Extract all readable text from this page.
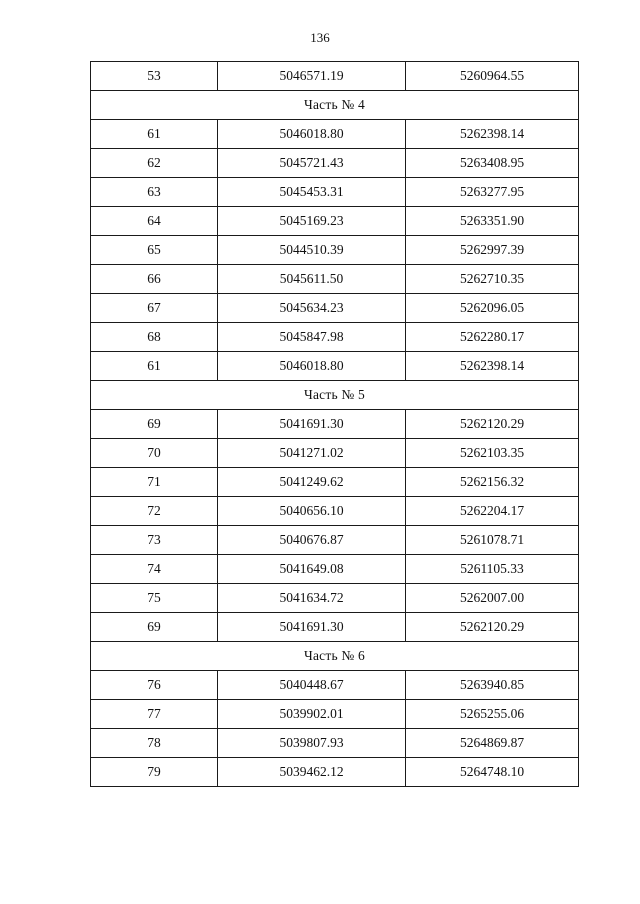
136
53	5046571.19	5260964.55
Часть № 4		
61	5046018.80	5262398.14
62	5045721.43	5263408.95
63	5045453.31	5263277.95
64	5045169.23	5263351.90
65	5044510.39	5262997.39
66	5045611.50	5262710.35
67	5045634.23	5262096.05
68	5045847.98	5262280.17
61	5046018.80	5262398.14
Часть № 5		
69	5041691.30	5262120.29
70	5041271.02	5262103.35
71	5041249.62	5262156.32
72	5040656.10	5262204.17
73	5040676.87	5261078.71
74	5041649.08	5261105.33
75	5041634.72	5262007.00
69	5041691.30	5262120.29
Часть № 6		
76	5040448.67	5263940.85
77	5039902.01	5265255.06
78	5039807.93	5264869.87
79	5039462.12	5264748.10
